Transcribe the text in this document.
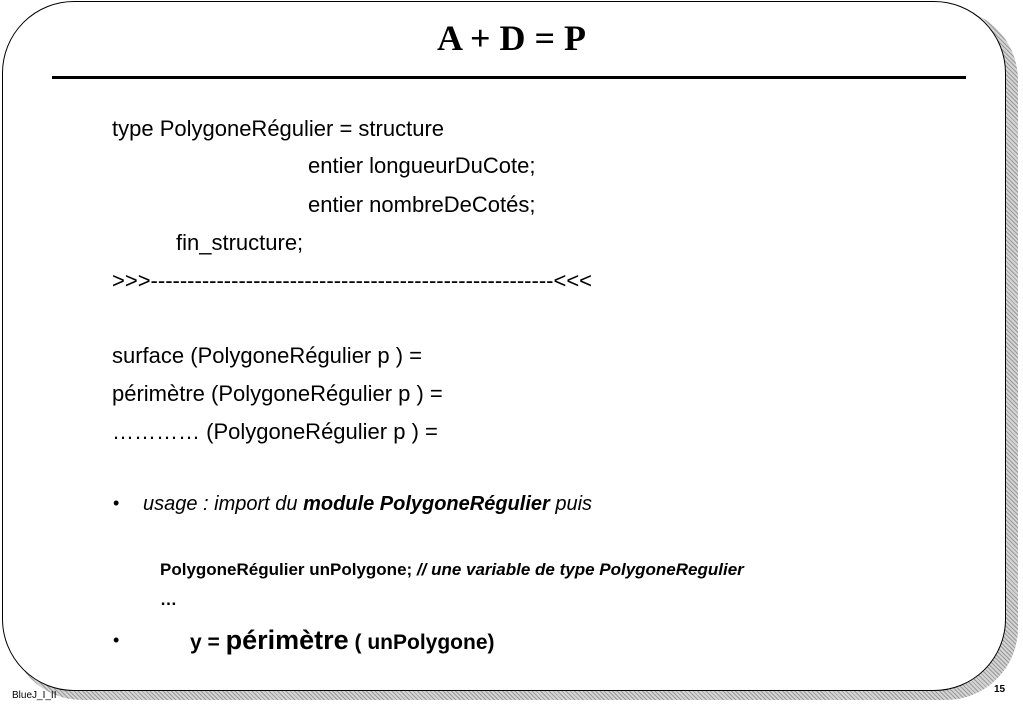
A + D = P
type PolygoneRégulier = structure
entier longueurDuCote;
entier nombreDeCotés;
fin_structure;
>>>-------------------------------------------------------<<<
surface (PolygoneRégulier p ) =
périmètre (PolygoneRégulier p ) =
………… (PolygoneRégulier p ) =
• usage : import du module PolygoneRégulier puis
PolygoneRégulier unPolygone; // une variable de type PolygoneRegulier
…
•	y = périmètre ( unPolygone)
BlueJ_I_II
15
